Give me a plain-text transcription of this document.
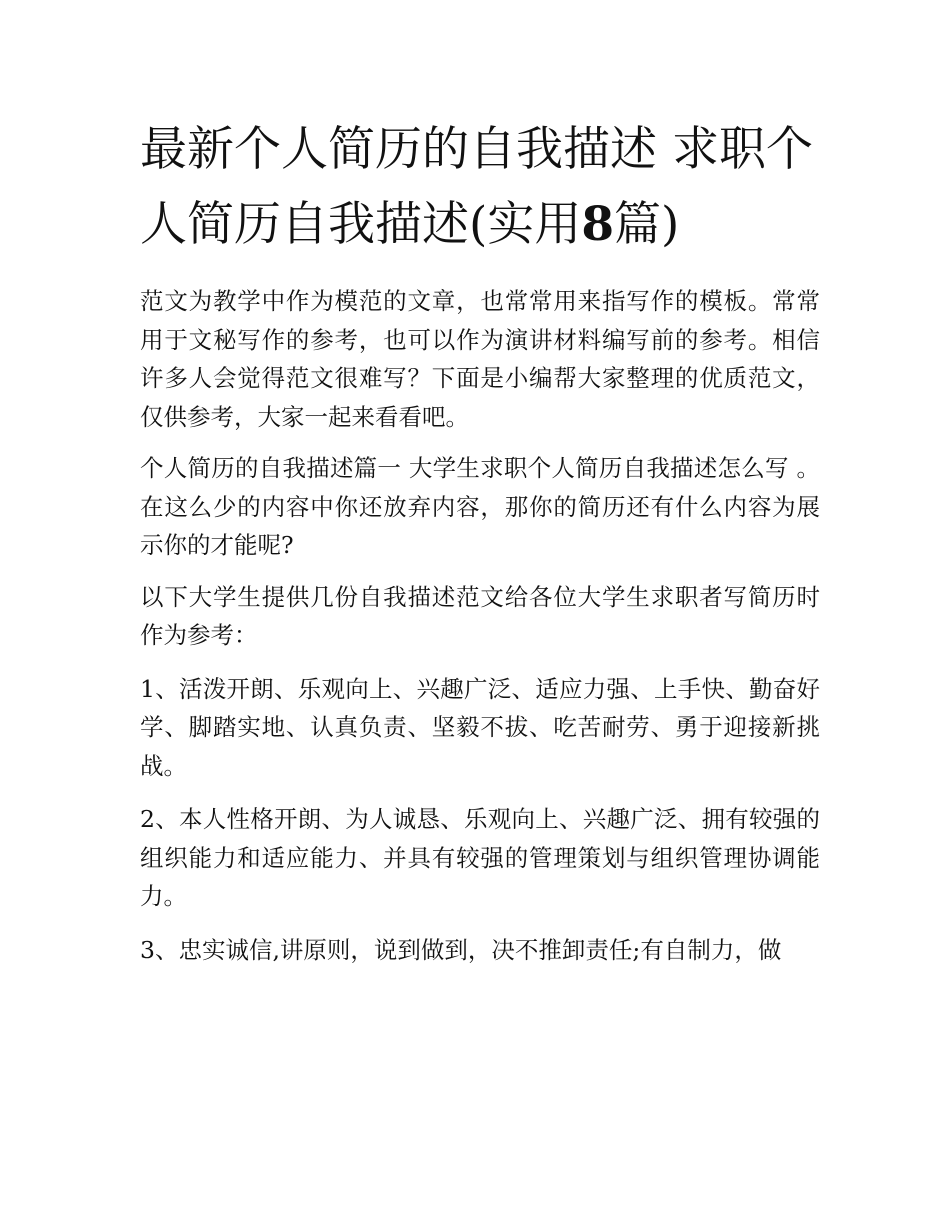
最新个人简历的自我描述 求职个人简历自我描述(实用8篇)

范文为教学中作为模范的文章，也常常用来指写作的模板。常常用于文秘写作的参考，也可以作为演讲材料编写前的参考。相信许多人会觉得范文很难写？下面是小编帮大家整理的优质范文，仅供参考，大家一起来看看吧。

个人简历的自我描述篇一 大学生求职个人简历自我描述怎么写 。在这么少的内容中你还放弃内容，那你的简历还有什么内容为展示你的才能呢?

以下大学生提供几份自我描述范文给各位大学生求职者写简历时作为参考：

1、活泼开朗、乐观向上、兴趣广泛、适应力强、上手快、勤奋好学、脚踏实地、认真负责、坚毅不拔、吃苦耐劳、勇于迎接新挑战。

2、本人性格开朗、为人诚恳、乐观向上、兴趣广泛、拥有较强的组织能力和适应能力、并具有较强的管理策划与组织管理协调能力。

3、忠实诚信,讲原则，说到做到，决不推卸责任;有自制力，做
